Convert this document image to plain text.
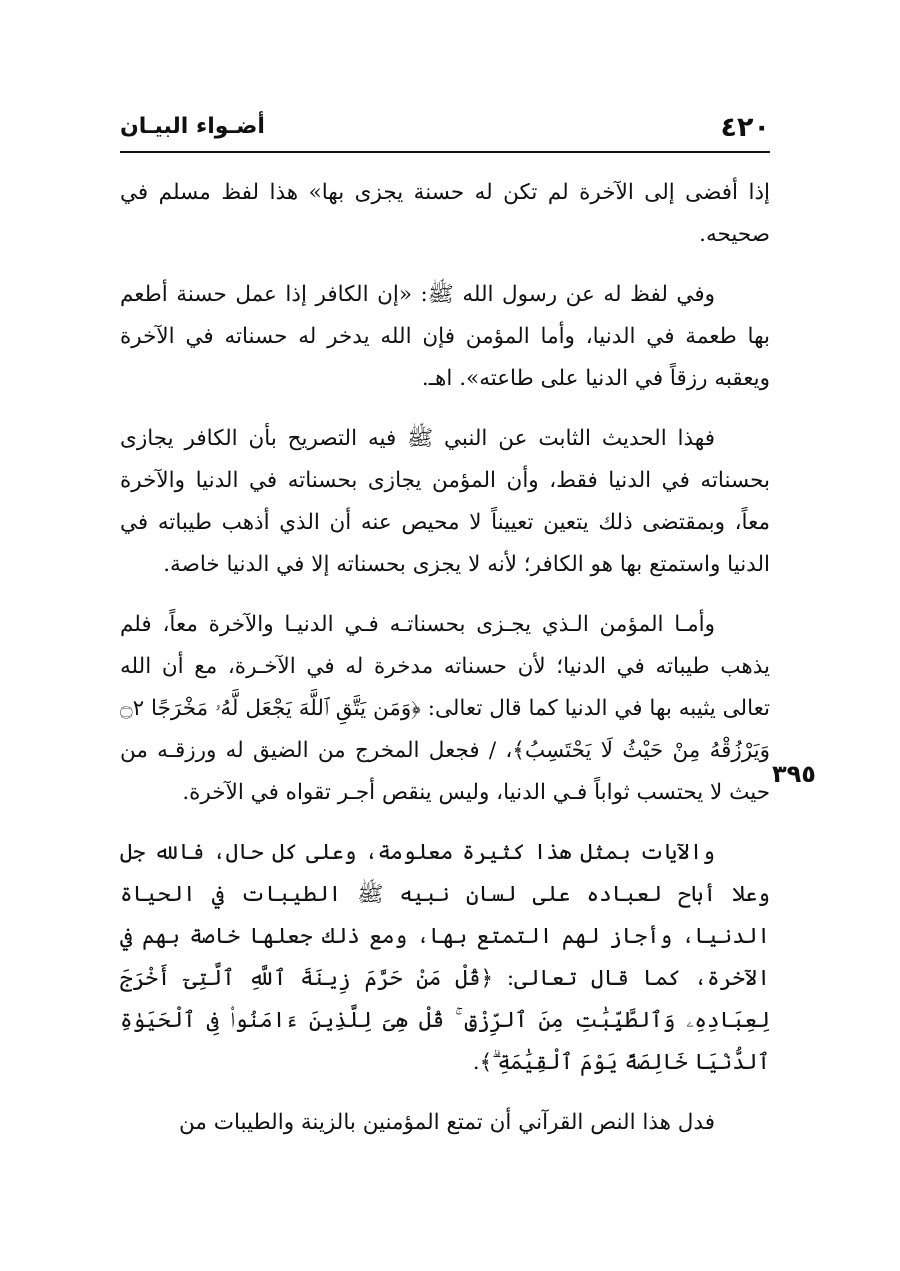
٤٢٠
أضـواء البيـان
٣٩٥

إذا أفضى إلى الآخرة لم تكن له حسنة يجزى بها» هذا لفظ مسلم في صحيحه.

وفي لفظ له عن رسول الله ﷺ: «إن الكافر إذا عمل حسنة أطعم بها طعمة في الدنيا، وأما المؤمن فإن الله يدخر له حسناته في الآخرة ويعقبه رزقاً في الدنيا على طاعته». اهـ.

فهذا الحديث الثابت عن النبي ﷺ فيه التصريح بأن الكافر يجازى بحسناته في الدنيا فقط، وأن المؤمن يجازى بحسناته في الدنيا والآخرة معاً، وبمقتضى ذلك يتعين تعييناً لا محيص عنه أن الذي أذهب طيباته في الدنيا واستمتع بها هو الكافر؛ لأنه لا يجزى بحسناته إلا في الدنيا خاصة.

وأمـا المؤمن الـذي يجـزى بحسناتـه فـي الدنيـا والآخرة معاً، فلم يذهب طيباته في الدنيا؛ لأن حسناته مدخرة له في الآخـرة، مع أن الله تعالى يثيبه بها في الدنيا كما قال تعالى: ﴿وَمَن يَتَّقِ ٱللَّهَ يَجْعَل لَّهُۥ مَخْرَجًا ۝٢ وَيَرْزُقْهُ مِنْ حَيْثُ لَا يَحْتَسِبُ﴾، / فجعل المخرج من الضيق له ورزقـه من حيث لا يحتسب ثواباً فـي الدنيا، وليس ينقص أجـر تقواه في الآخرة.

والآيات بمثل هذا كثيرة معلومة، وعلى كل حال، فالله جل وعلا أباح لعباده على لسان نبيه ﷺ الطيبات في الحياة الدنيا، وأجاز لهم التمتع بها، ومع ذلك جعلها خاصة بهم في الآخرة، كما قال تعالى: ﴿قُلْ مَنْ حَرَّمَ زِينَةَ ٱللَّهِ ٱلَّتِىٓ أَخْرَجَ لِعِبَادِهِۦ وَٱلطَّيِّبَٰتِ مِنَ ٱلرِّزْقِ ۚ قُلْ هِىَ لِلَّذِينَ ءَامَنُوا۟ فِى ٱلْحَيَوٰةِ ٱلدُّنْيَا خَالِصَةً يَوْمَ ٱلْقِيَٰمَةِ ۗ﴾.

فدل هذا النص القرآني أن تمتع المؤمنين بالزينة والطيبات من
